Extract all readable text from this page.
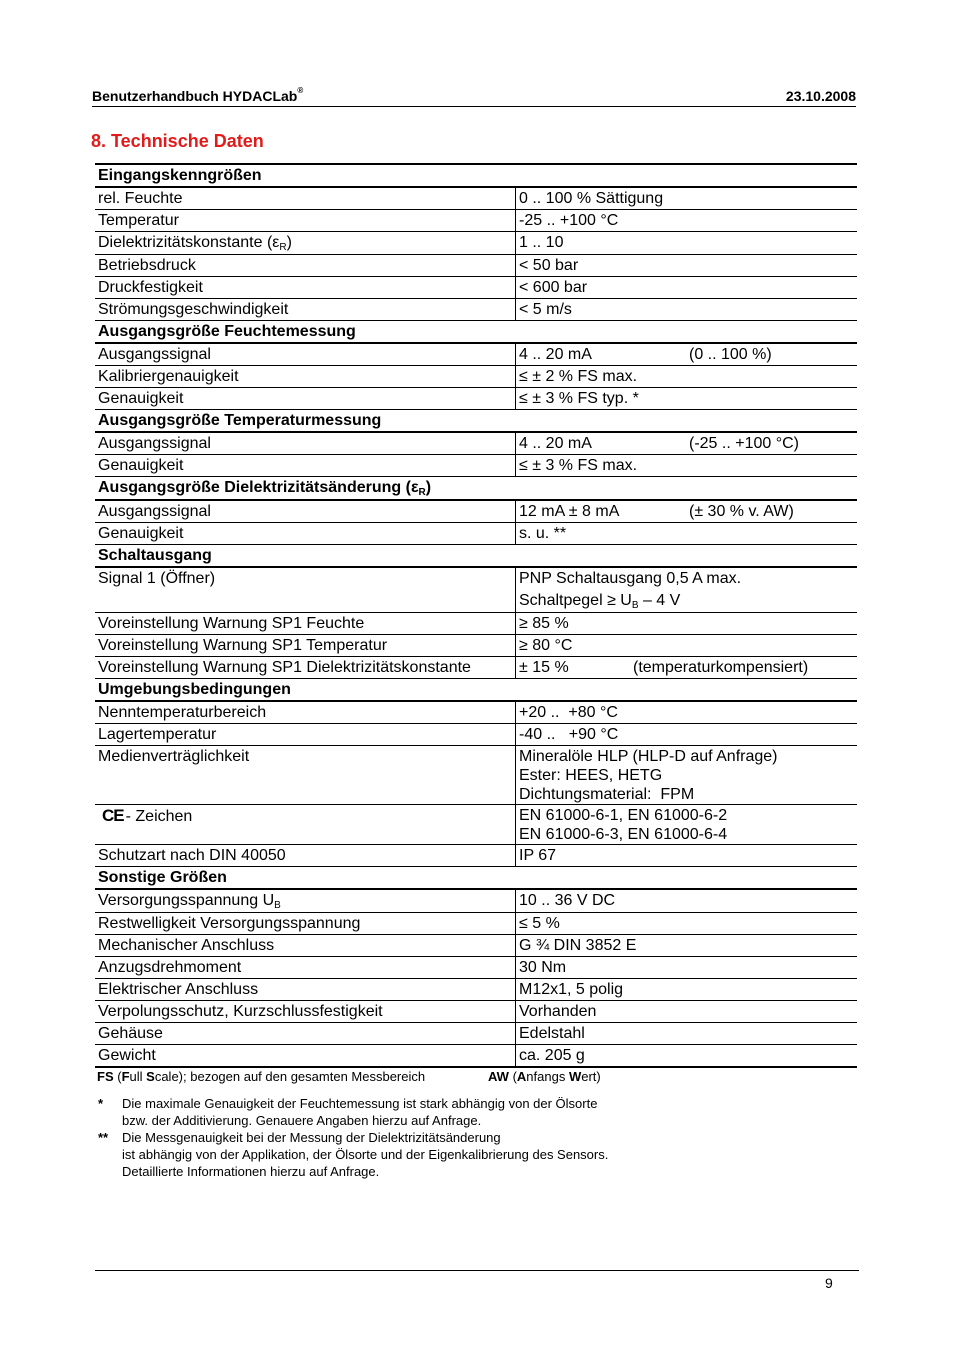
Benutzerhandbuch HYDACLab®	23.10.2008
8. Technische Daten
Eingangskenngrößen	
rel. Feuchte	0 .. 100 % Sättigung
Temperatur	-25 .. +100 °C
Dielektrizitätskonstante $(\varepsilon_R)$	1 .. 10
Betriebsdruck	< 50 bar
Druckfestigkeit	< 600 bar
Strömungsgeschwindigkeit	< 5 m/s
Ausgangsgröße Feuchtemessung	
Ausgangssignal	4 .. 20 mA (0 .. 100 %)
Kalibriergenauigkeit	≤ ± 2 % FS max.
Genauigkeit	≤ ± 3 % FS typ. *
Ausgangsgröße Temperaturmessung	
Ausgangssignal	4 .. 20 mA (-25 .. +100 °C)
Genauigkeit	≤ ± 3 % FS max.
Ausgangsgröße Dielektrizitätsänderung $(\varepsilon_R)$	
Ausgangssignal	12 mA ± 8 mA (± 30 % v. AW)
Genauigkeit	s. u. **
Schaltausgang	
Signal 1 (Öffner)	PNP Schaltausgang 0,5 A max.
Schaltpegel ≥ $U_B - 4$ V

Voreinstellung Warnung SP1 Feuchte	≥ 85 %
Voreinstellung Warnung SP1 Temperatur	≥ 80 °C
Voreinstellung Warnung SP1 Dielektrizitätskonstante	± 15 % (temperaturkompensiert)
Umgebungsbedingungen	
Nenntemperaturbereich	+20 ..  +80 °C
Lagertemperatur	-40 ..   +90 °C
Medienverträglichkeit	Mineralöle HLP (HLP-D auf Anfrage)
Ester: HEES, HETG
Dichtungsmaterial:  FPM

CE - Zeichen	EN 61000-6-1, EN 61000-6-2
EN 61000-6-3, EN 61000-6-4

Schutzart nach DIN 40050	IP 67
Sonstige Größen	
Versorgungsspannung $U_B$	10 .. 36 V DC
Restwelligkeit Versorgungsspannung	≤ 5 %
Mechanischer Anschluss	G ¾ DIN 3852 E
Anzugsdrehmoment	30 Nm
Elektrischer Anschluss	M12x1, 5 polig
Verpolungsschutz, Kurzschlussfestigkeit	Vorhanden
Gehäuse	Edelstahl
Gewicht	ca. 205 g
FS (Full Scale); bezogen auf den gesamten Messbereich	AW (Anfangs Wert)
*	Die maximale Genauigkeit der Feuchtemessung ist stark abhängig von der Ölsorte
bzw. der Additivierung. Genauere Angaben hierzu auf Anfrage.
**	Die Messgenauigkeit bei der Messung der Dielektrizitätsänderung
ist abhängig von der Applikation, der Ölsorte und der Eigenkalibrierung des Sensors.
Detaillierte Informationen hierzu auf Anfrage.
9
